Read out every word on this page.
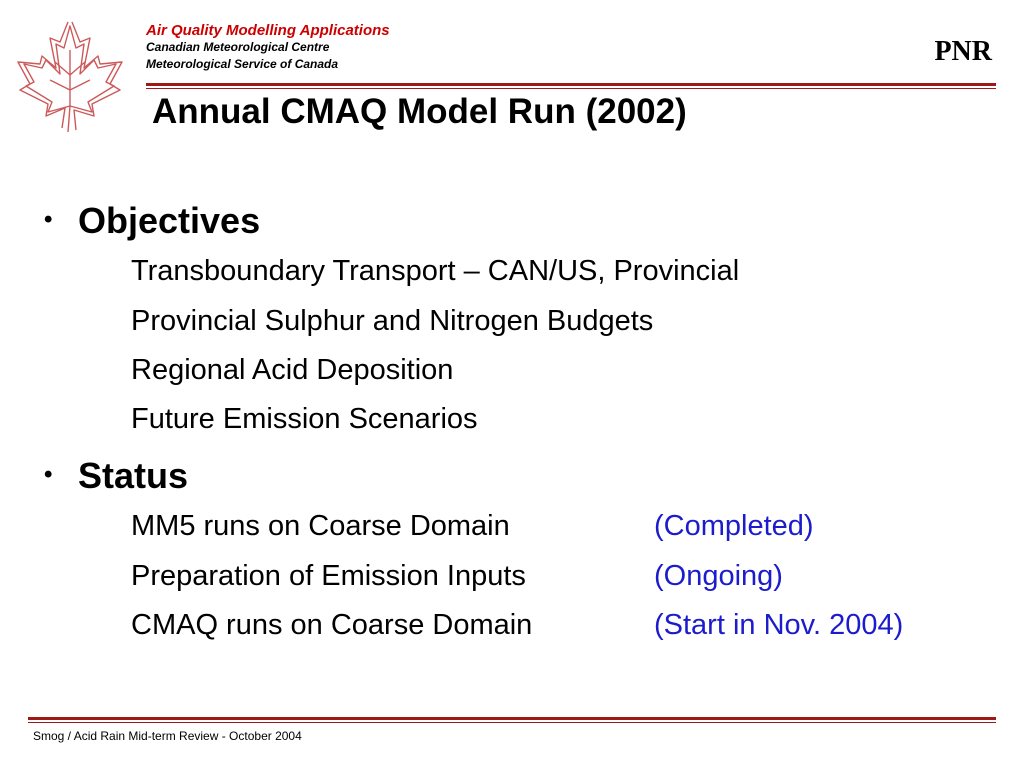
Air Quality Modelling Applications
Canadian Meteorological Centre
Meteorological Service of Canada	PNR
Annual CMAQ Model Run (2002)
• Objectives
• Transboundary Transport – CAN/US, Provincial
• Provincial Sulphur and Nitrogen Budgets
• Regional Acid Deposition
• Future Emission Scenarios
• Status
• MM5 runs on Coarse Domain	(Completed)
• Preparation of Emission Inputs	(Ongoing)
• CMAQ runs on Coarse Domain	(Start in Nov. 2004)
Smog / Acid Rain Mid-term Review - October 2004
